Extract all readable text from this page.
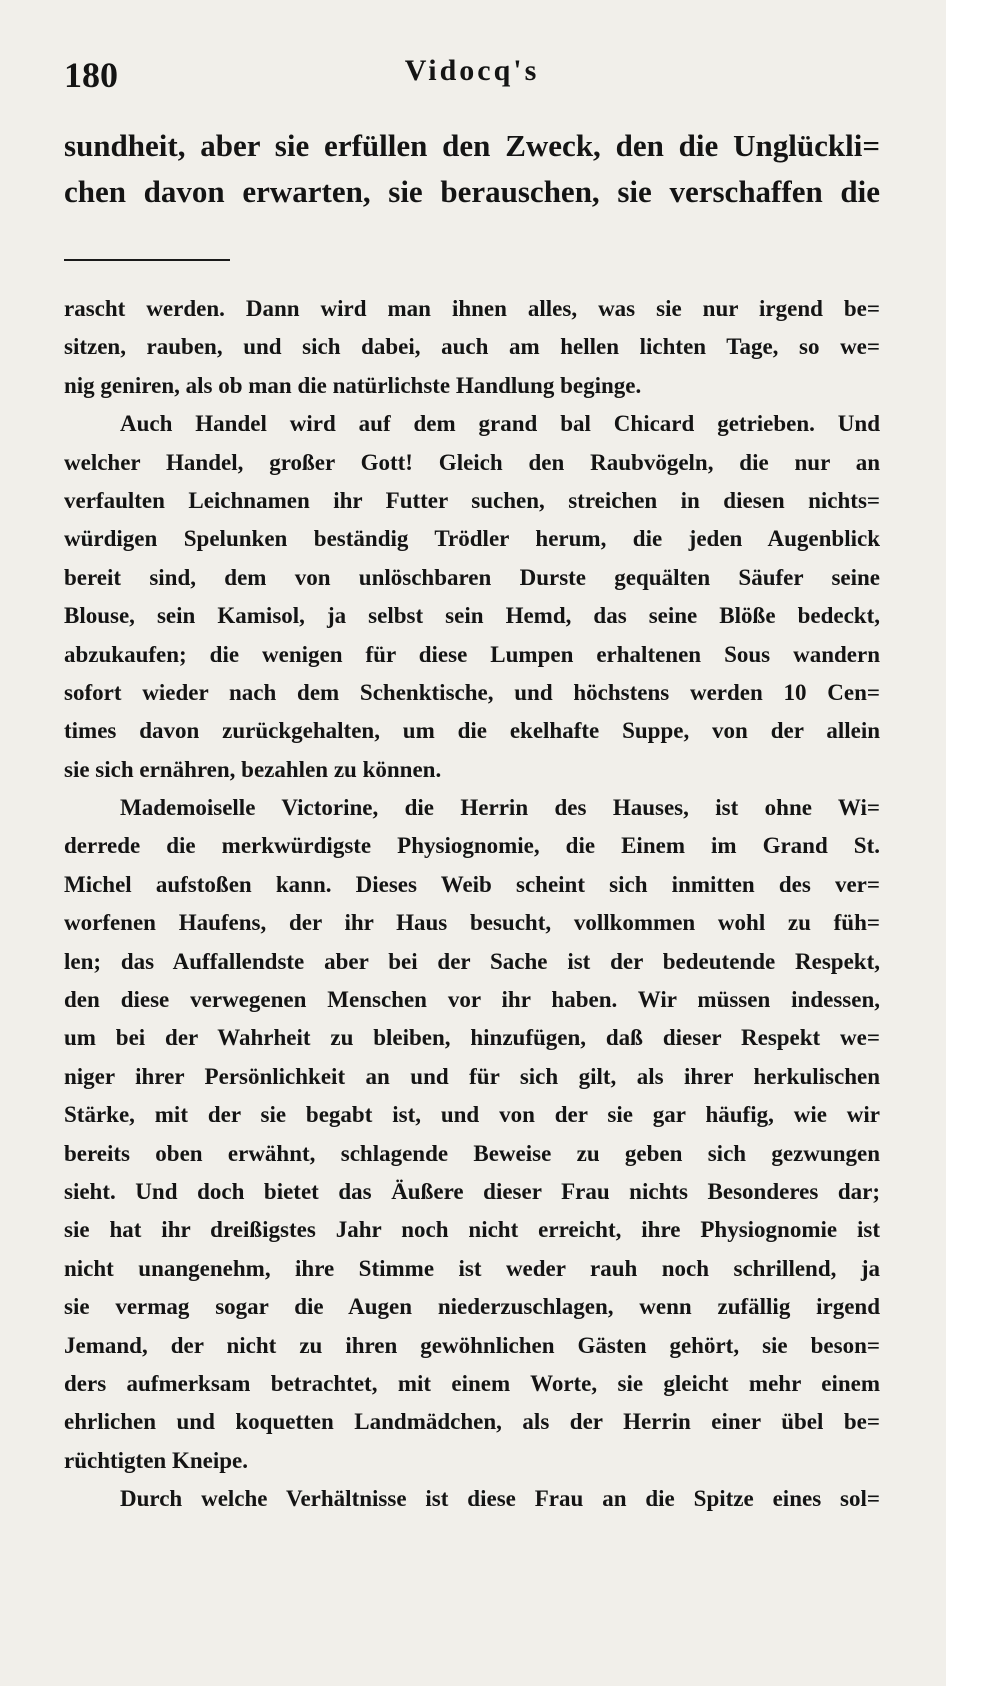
180	Vidocq's
sundheit, aber sie erfüllen den Zweck, den die Unglückli=
chen davon erwarten, sie berauschen, sie verschaffen die
rascht werden. Dann wird man ihnen alles, was sie nur irgend be=
sitzen, rauben, und sich dabei, auch am hellen lichten Tage, so we=
nig geniren, als ob man die natürlichste Handlung beginge.
Auch Handel wird auf dem grand bal Chicard getrieben. Und
welcher Handel, großer Gott! Gleich den Raubvögeln, die nur an
verfaulten Leichnamen ihr Futter suchen, streichen in diesen nichts=
würdigen Spelunken beständig Trödler herum, die jeden Augenblick
bereit sind, dem von unlöschbaren Durste gequälten Säufer seine
Blouse, sein Kamisol, ja selbst sein Hemd, das seine Blöße bedeckt,
abzukaufen; die wenigen für diese Lumpen erhaltenen Sous wandern
sofort wieder nach dem Schenktische, und höchstens werden 10 Cen=
times davon zurückgehalten, um die ekelhafte Suppe, von der allein
sie sich ernähren, bezahlen zu können.
Mademoiselle Victorine, die Herrin des Hauses, ist ohne Wi=
derrede die merkwürdigste Physiognomie, die Einem im Grand St.
Michel aufstoßen kann. Dieses Weib scheint sich inmitten des ver=
worfenen Haufens, der ihr Haus besucht, vollkommen wohl zu füh=
len; das Auffallendste aber bei der Sache ist der bedeutende Respekt,
den diese verwegenen Menschen vor ihr haben. Wir müssen indessen,
um bei der Wahrheit zu bleiben, hinzufügen, daß dieser Respekt we=
niger ihrer Persönlichkeit an und für sich gilt, als ihrer herkulischen
Stärke, mit der sie begabt ist, und von der sie gar häufig, wie wir
bereits oben erwähnt, schlagende Beweise zu geben sich gezwungen
sieht. Und doch bietet das Äußere dieser Frau nichts Besonderes dar;
sie hat ihr dreißigstes Jahr noch nicht erreicht, ihre Physiognomie ist
nicht unangenehm, ihre Stimme ist weder rauh noch schrillend, ja
sie vermag sogar die Augen niederzuschlagen, wenn zufällig irgend
Jemand, der nicht zu ihren gewöhnlichen Gästen gehört, sie beson=
ders aufmerksam betrachtet, mit einem Worte, sie gleicht mehr einem
ehrlichen und koquetten Landmädchen, als der Herrin einer übel be=
rüchtigten Kneipe.
Durch welche Verhältnisse ist diese Frau an die Spitze eines sol=
